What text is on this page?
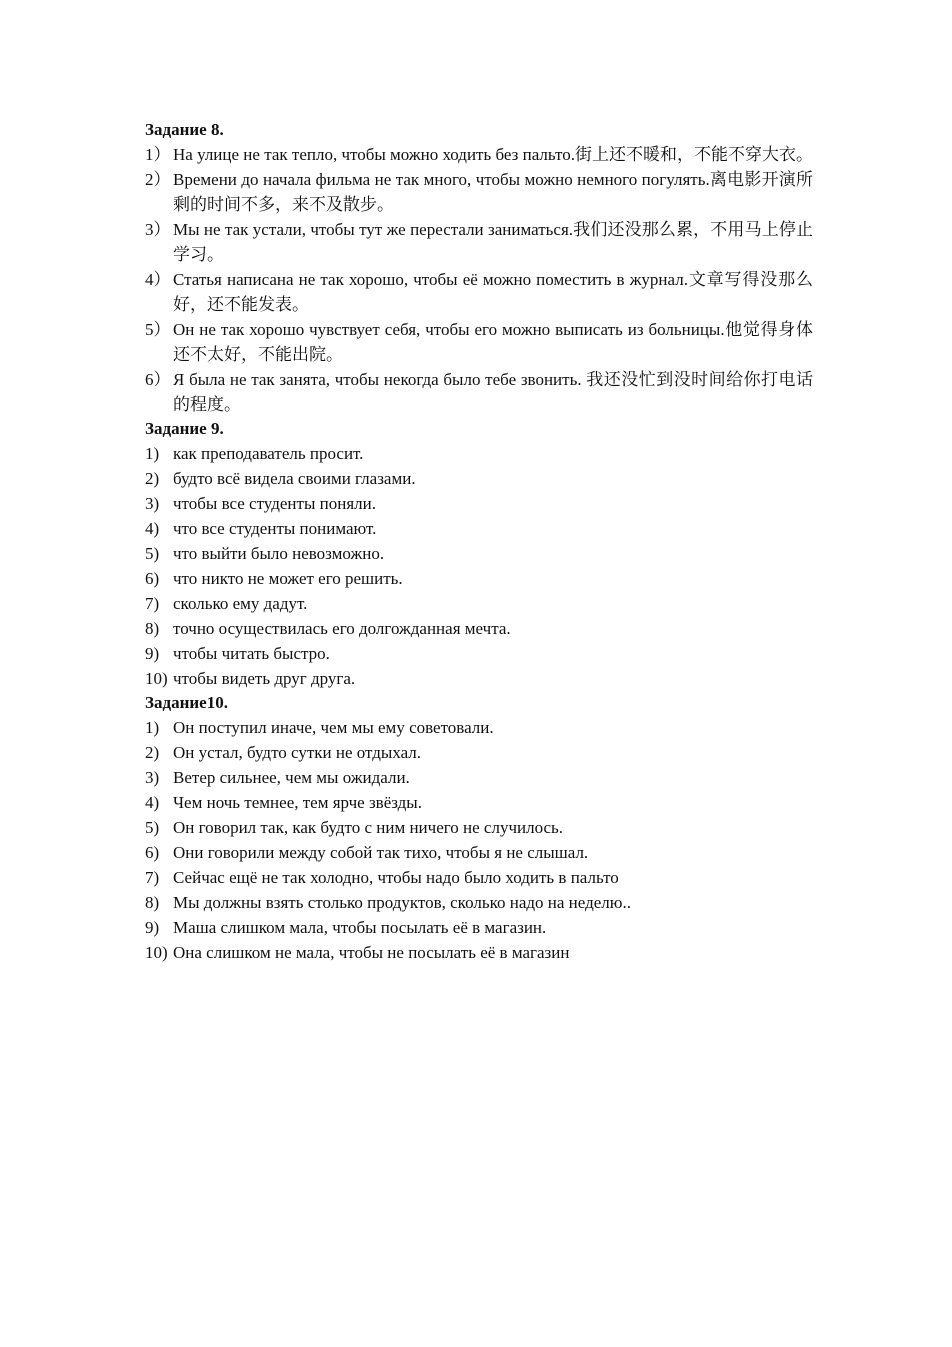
Задание 8.
1） На улице не так тепло, чтобы можно ходить без пальто.街上还不暖和，不能不穿大衣。
2） Времени до начала фильма не так много, чтобы можно немного погулять.离电影开演所剩的时间不多，来不及散步。
3） Мы не так устали, чтобы тут же перестали заниматься.我们还没那么累，不用马上停止学习。
4） Статья написана не так хорошо, чтобы её можно поместить в журнал.文章写得没那么好，还不能发表。
5） Он не так хорошо чувствует себя, чтобы его можно выписать из больницы.他觉得身体还不太好，不能出院。
6） Я была не так занята, чтобы некогда было тебе звонить. 我还没忙到没时间给你打电话的程度。
Задание 9.
1) как преподаватель просит.
2) будто всё видела своими глазами.
3) чтобы все студенты поняли.
4) что все студенты понимают.
5) что выйти было невозможно.
6) что никто не может его решить.
7) сколько ему дадут.
8) точно осуществилась его долгожданная мечта.
9) чтобы читать быстро.
10) чтобы видеть друг друга.
Задание10.
1) Он поступил иначе, чем мы ему советовали.
2) Он устал, будто сутки не отдыхал.
3) Ветер сильнее, чем мы ожидали.
4) Чем ночь темнее, тем ярче звёзды.
5) Он говорил так, как будто с ним ничего не случилось.
6) Они говорили между собой так тихо, чтобы я не слышал.
7) Сейчас ещё не так холодно, чтобы надо было ходить в пальто
8) Мы должны взять столько продуктов, сколько надо на неделю..
9) Маша слишком мала, чтобы посылать её в магазин.
10) Она слишком не мала, чтобы не посылать её в магазин
